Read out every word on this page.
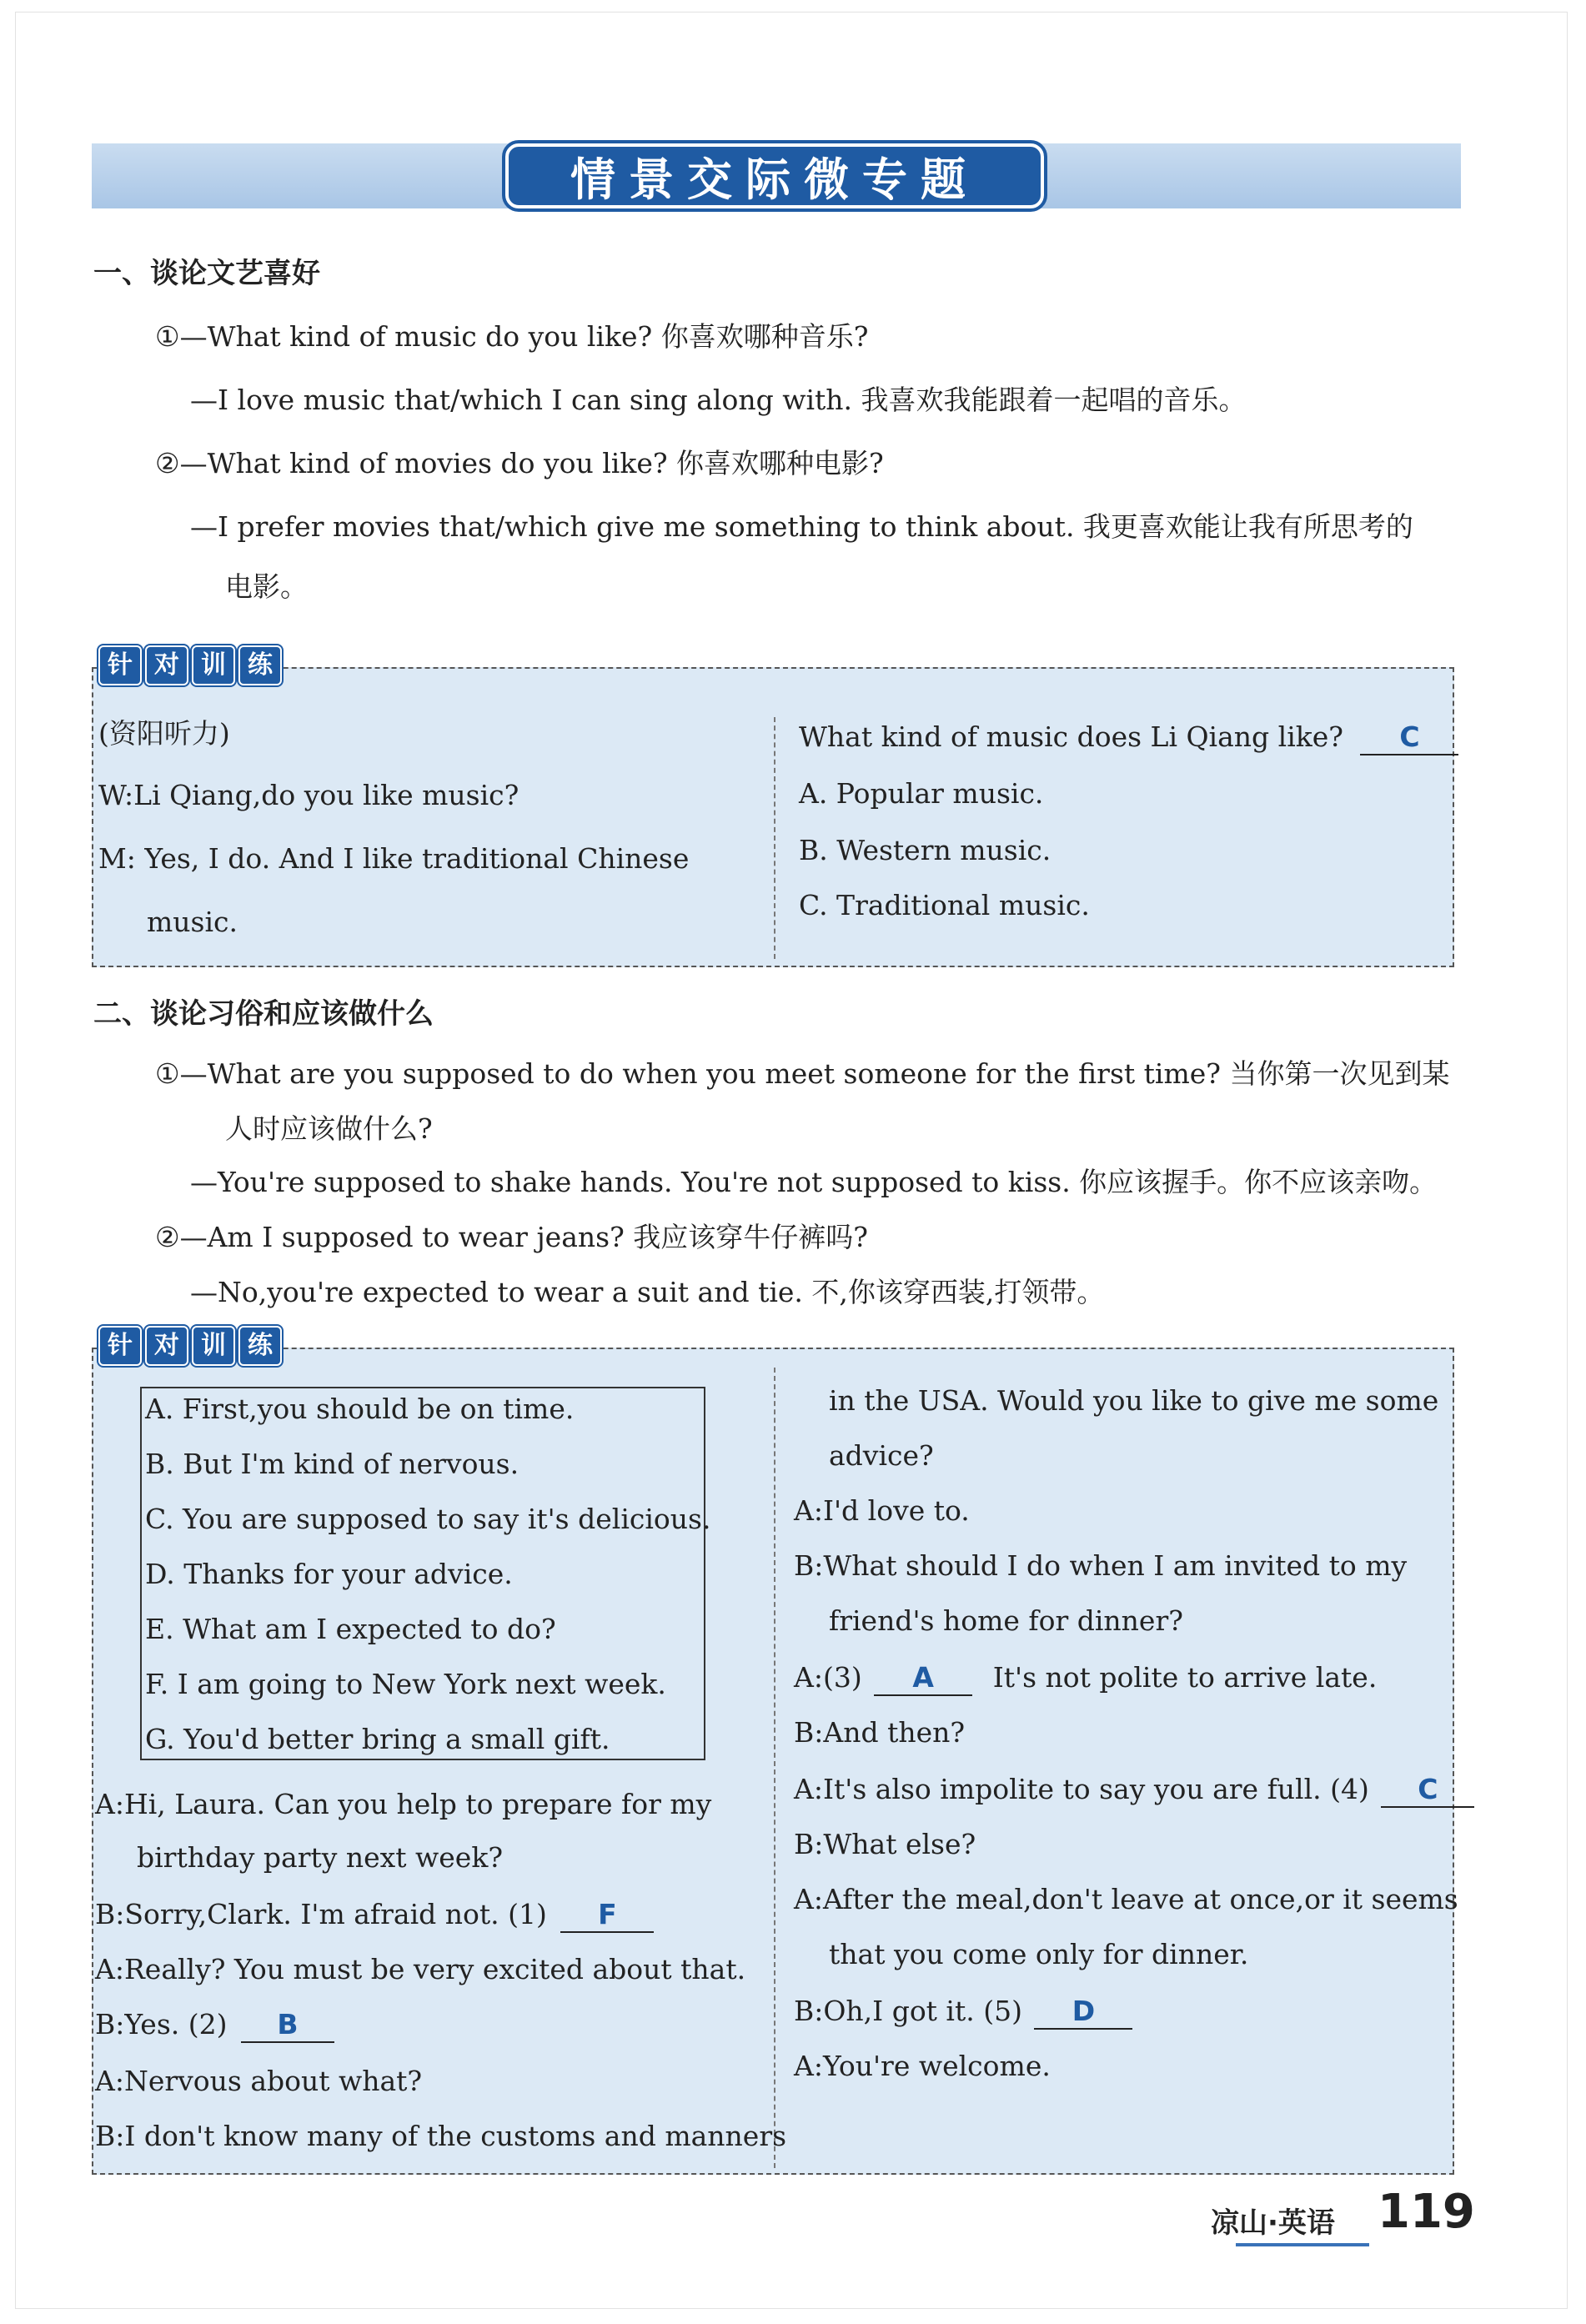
情景交际微专题
一、谈论文艺喜好
①—What kind of music do you like? 你喜欢哪种音乐?
—I love music that/which I can sing along with. 我喜欢我能跟着一起唱的音乐。
②—What kind of movies do you like? 你喜欢哪种电影?
—I prefer movies that/which give me something to think about. 我更喜欢能让我有所思考的
电影。
针 对 训 练
(资阳听力)
W:Li Qiang,do you like music?
M: Yes, I do. And I like traditional Chinese
music.
What kind of music does Li Qiang like? C
A. Popular music.
B. Western music.
C. Traditional music.
二、谈论习俗和应该做什么
①—What are you supposed to do when you meet someone for the first time? 当你第一次见到某
人时应该做什么?
—You're supposed to shake hands. You're not supposed to kiss. 你应该握手。你不应该亲吻。
②—Am I supposed to wear jeans? 我应该穿牛仔裤吗?
—No,you're expected to wear a suit and tie. 不,你该穿西装,打领带。
针 对 训 练
A. First,you should be on time.
B. But I'm kind of nervous.
C. You are supposed to say it's delicious.
D. Thanks for your advice.
E. What am I expected to do?
F. I am going to New York next week.
G. You'd better bring a small gift.
A:Hi, Laura. Can you help to prepare for my
birthday party next week?
B:Sorry,Clark. I'm afraid not. (1) F
A:Really? You must be very excited about that.
B:Yes. (2) B
A:Nervous about what?
B:I don't know many of the customs and manners
in the USA. Would you like to give me some
advice?
A:I'd love to.
B:What should I do when I am invited to my
friend's home for dinner?
A:(3) A It's not polite to arrive late.
B:And then?
A:It's also impolite to say you are full. (4) C
B:What else?
A:After the meal,don't leave at once,or it seems
that you come only for dinner.
B:Oh,I got it. (5) D
A:You're welcome.
凉山·英语 119
